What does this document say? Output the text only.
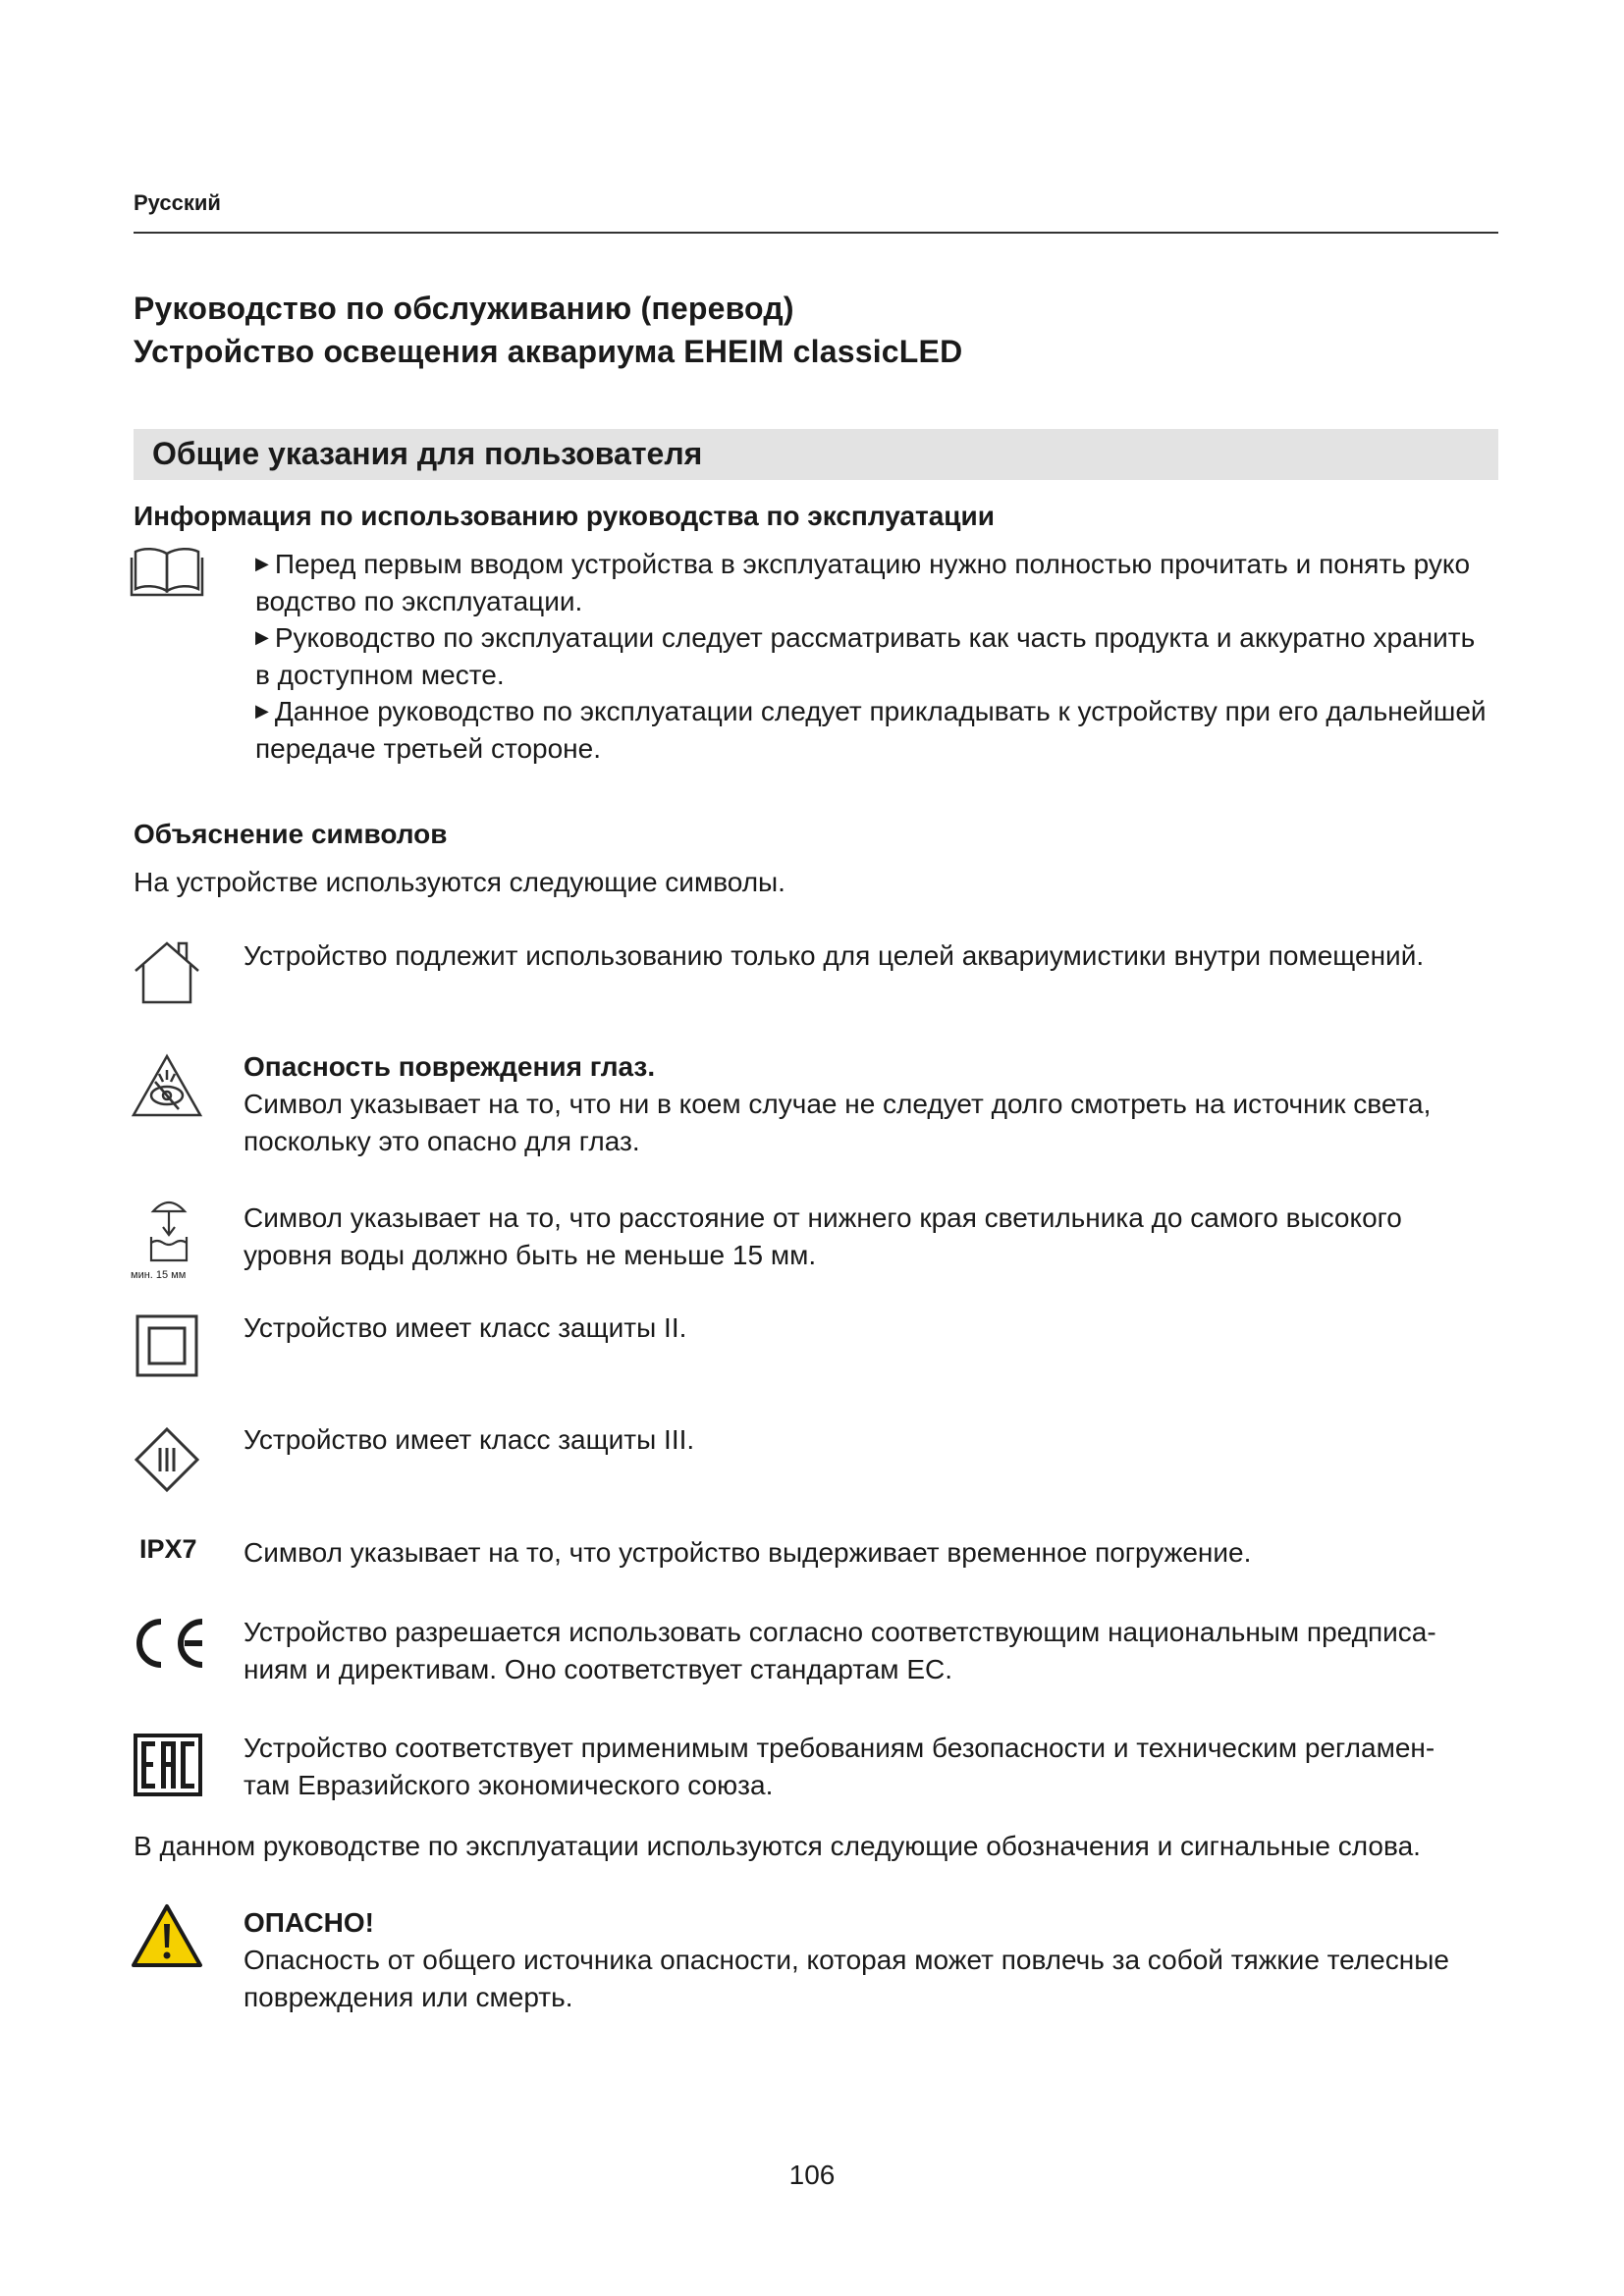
Русский
Руководство по обслуживанию (перевод)
Устройство освещения аквариума EHEIM classicLED
Общие указания для пользователя
Информация по использованию руководства по эксплуатации
▶ Перед первым вводом устройства в эксплуатацию нужно полностью прочитать и понять руко
водство по эксплуатации.
▶ Руководство по эксплуатации следует рассматривать как часть продукта и аккуратно хранить
в доступном месте.
▶ Данное руководство по эксплуатации следует прикладывать к устройству при его дальнейшей
передаче третьей стороне.
Объяснение символов
На устройстве используются следующие символы.
Устройство подлежит использованию только для целей аквариумистики внутри помещений.
Опасность повреждения глаз.
Символ указывает на то, что ни в коем случае не следует долго смотреть на источник света,
поскольку это опасно для глаз.
мин. 15 мм
Символ указывает на то, что расстояние от нижнего края светильника до самого высокого
уровня воды должно быть не меньше 15 мм.
Устройство имеет класс защиты II.
Устройство имеет класс защиты III.
IPX7 Символ указывает на то, что устройство выдерживает временное погружение.
Устройство разрешается использовать согласно соответствующим национальным предписа-
ниям и директивам. Оно соответствует стандартам ЕС.
Устройство соответствует применимым требованиям безопасности и техническим регламен-
там Евразийского экономического союза.
В данном руководстве по эксплуатации используются следующие обозначения и сигнальные слова.
ОПАСНО!
Опасность от общего источника опасности, которая может повлечь за собой тяжкие телесные
повреждения или смерть.
106
